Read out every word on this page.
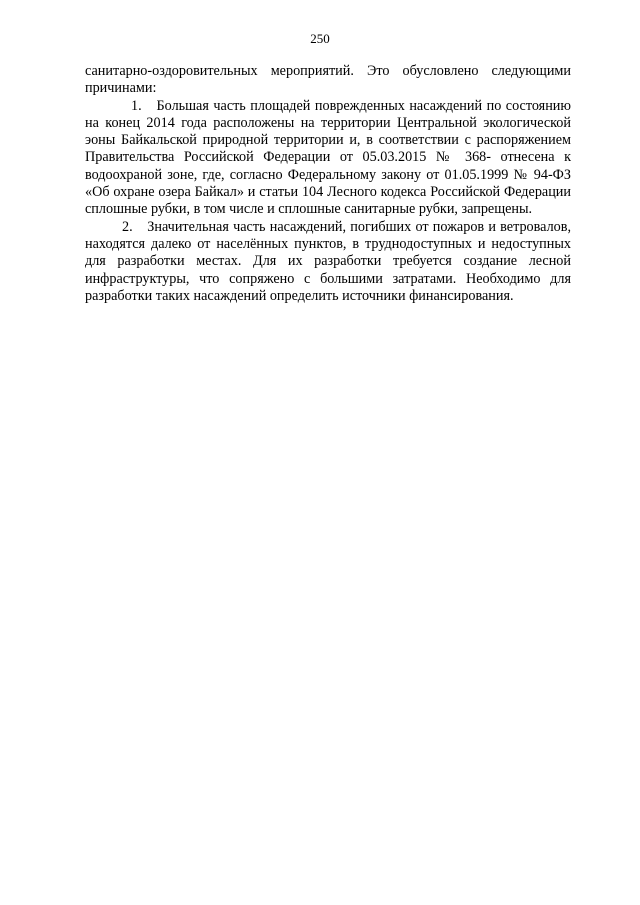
250

санитарно-оздоровительных мероприятий. Это обусловлено следующими причинами:

1. Большая часть площадей поврежденных насаждений по состоянию на конец 2014 года расположены на территории Центральной экологической эоны Байкальской природной территории и, в соответствии с распоряжением Правительства Российской Федерации от 05.03.2015 № 368- отнесена к водоохраной зоне, где, согласно Федеральному закону от 01.05.1999 № 94-ФЗ «Об охране озера Байкал» и статьи 104 Лесного кодекса Российской Федерации сплошные рубки, в том числе и сплошные санитарные рубки, запрещены.

2. Значительная часть насаждений, погибших от пожаров и ветровалов, находятся далеко от населённых пунктов, в труднодоступных и недоступных для разработки местах. Для их разработки требуется создание лесной инфраструктуры, что сопряжено с большими затратами. Необходимо для разработки таких насаждений определить источники финансирования.
